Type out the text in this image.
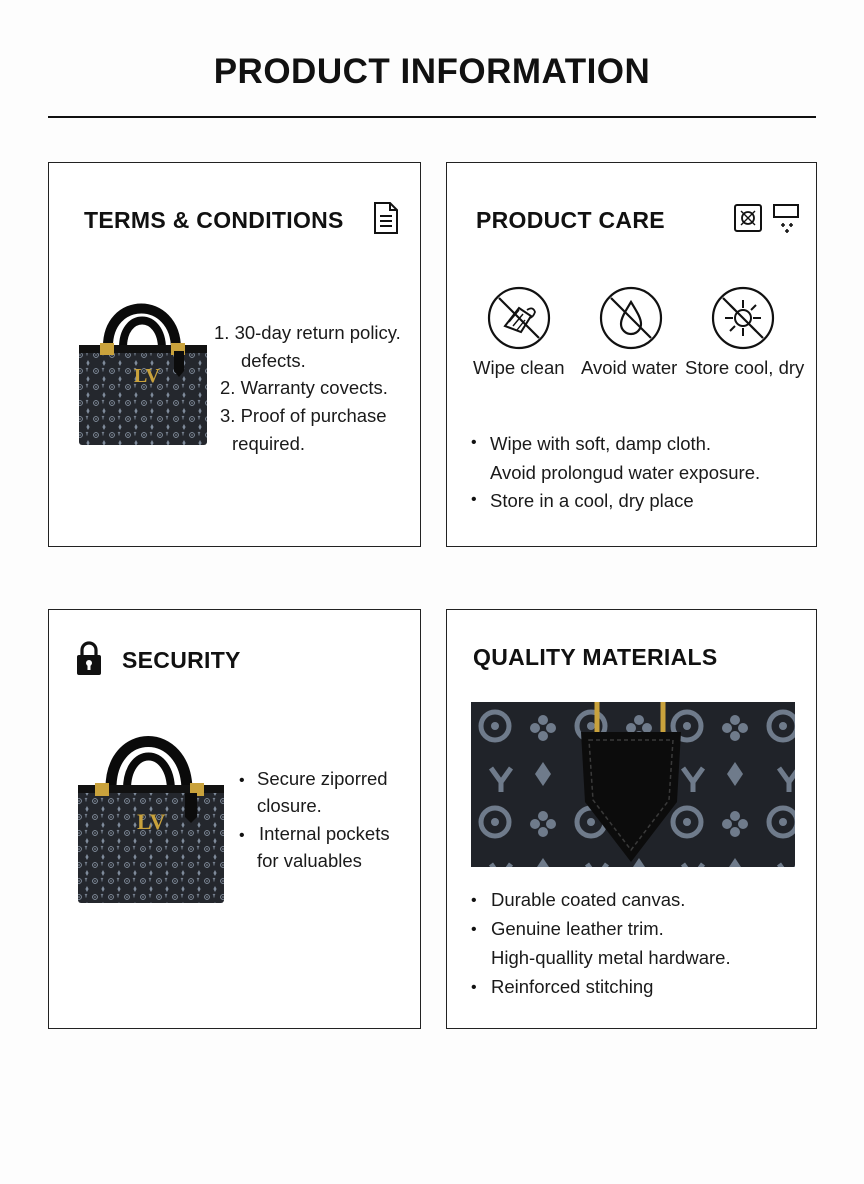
PRODUCT INFORMATION
TERMS & CONDITIONS
LV
1. 30-day return policy.
defects.
2. Warranty covects.
3. Proof of purchase
required.
PRODUCT CARE
Wipe clean Avoid water Store cool, dry
• Wipe with soft, damp cloth.
Avoid prolongud water exposure.
• Store in a cool, dry place
SECURITY
LV
• Secure ziporred
closure.
• Internal pockets
for valuables
QUALITY MATERIALS
• Durable coated canvas.
• Genuine leather trim.
High-quallity metal hardware.
• Reinforced stitching
